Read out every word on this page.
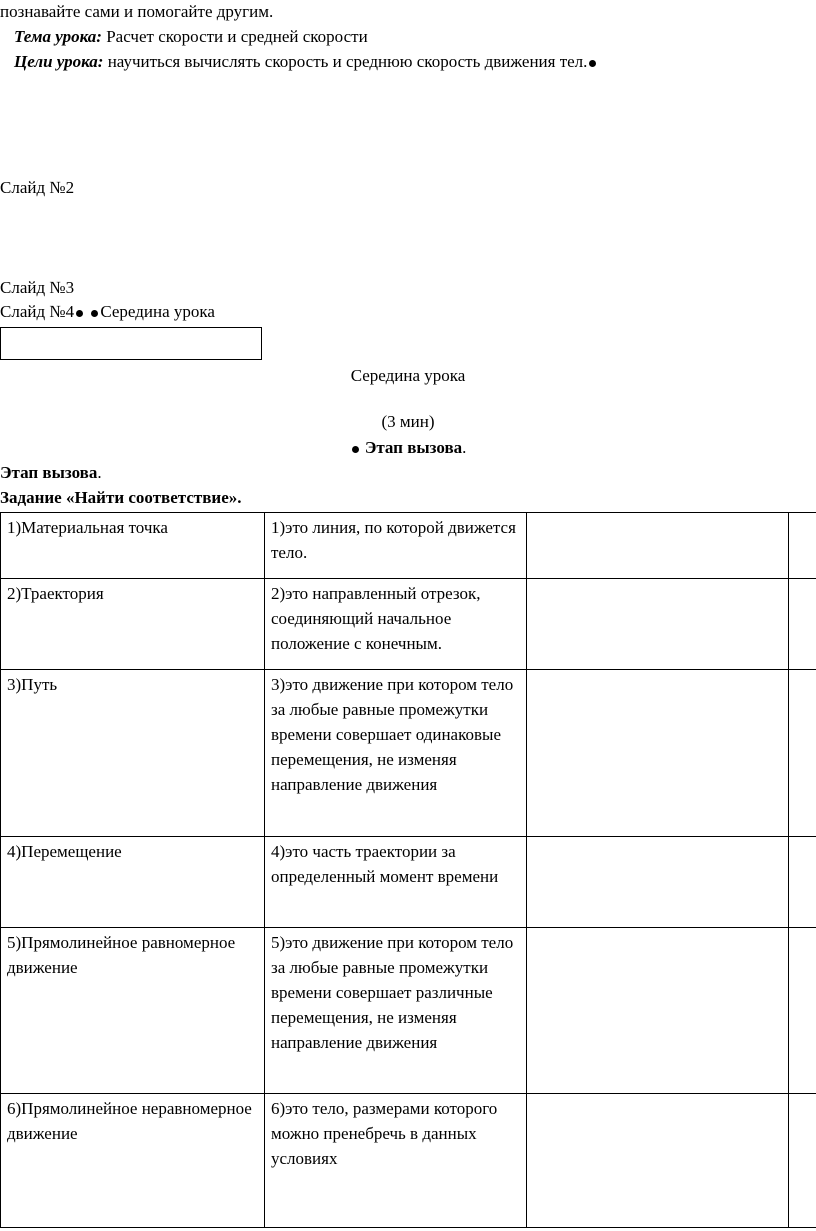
познавайте сами и помогайте другим.
Тема урока: Расчет скорости и средней скорости
Цели урока: научиться вычислять скорость и среднюю скорость движения тел.
Слайд №2
Слайд №3
Слайд №4 Середина урока
Середина урока
(3 мин)
Этап вызова.
Этап вызова.
Задание «Найти соответствие».
1)Материальная точка	1)это линия, по которой движется тело.		
2)Траектория	2)это направленный отрезок, соединяющий начальное положение с конечным.		
3)Путь	3)это движение при котором тело за любые равные промежутки времени совершает одинаковые перемещения, не изменяя направление движения		
4)Перемещение	4)это часть траектории за определенный момент времени		
5)Прямолинейное равномерное движение	5)это движение при котором тело за любые равные промежутки времени совершает различные перемещения, не изменяя направление движения		
6)Прямолинейное неравномерное движение	6)это тело, размерами которого можно пренебречь в данных условиях		
